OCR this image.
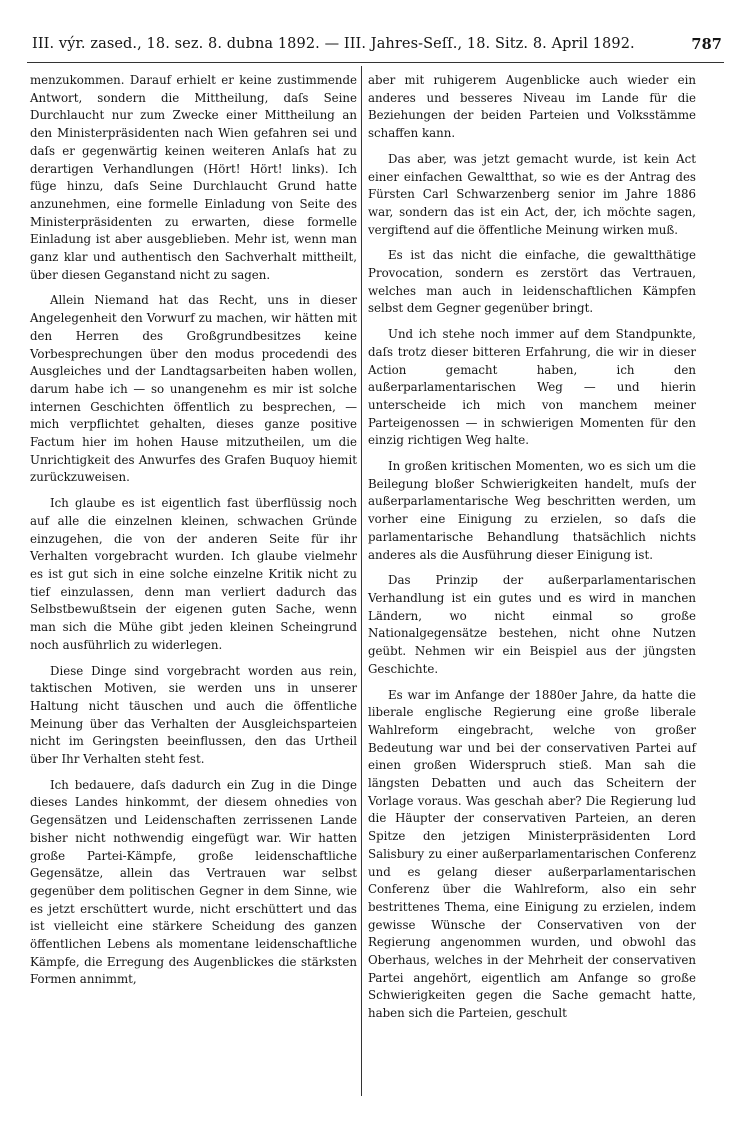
III. výr. zased., 18. sez. 8. dubna 1892. — III. Jahres-Seſſ., 18. Sitz. 8. April 1892.	787

menzukommen. Darauf erhielt er keine zustimmende Antwort, sondern die Mittheilung, daſs Seine Durchlaucht nur zum Zwecke einer Mittheilung an den Ministerpräsidenten nach Wien gefahren sei und daſs er gegenwärtig keinen weiteren Anlaſs hat zu derartigen Verhandlungen (Hört! Hört! links). Ich füge hinzu, daſs Seine Durchlaucht Grund hatte anzunehmen, eine formelle Einladung von Seite des Ministerpräsidenten zu erwarten, diese formelle Einladung ist aber ausgeblieben. Mehr ist, wenn man ganz klar und authentisch den Sachverhalt mittheilt, über diesen Geganstand nicht zu sagen.

Allein Niemand hat das Recht, uns in dieser Angelegenheit den Vorwurf zu machen, wir hätten mit den Herren des Großgrundbesitzes keine Vorbesprechungen über den modus procedendi des Ausgleiches und der Landtagsarbeiten haben wollen, darum habe ich — so unangenehm es mir ist solche internen Geschichten öffentlich zu besprechen, — mich verpflichtet gehalten, dieses ganze positive Factum hier im hohen Hause mitzutheilen, um die Unrichtigkeit des Anwurfes des Grafen Buquoy hiemit zurückzuweisen.

Ich glaube es ist eigentlich fast überflüssig noch auf alle die einzelnen kleinen, schwachen Gründe einzugehen, die von der anderen Seite für ihr Verhalten vorgebracht wurden. Ich glaube vielmehr es ist gut sich in eine solche einzelne Kritik nicht zu tief einzulassen, denn man verliert dadurch das Selbstbewußtsein der eigenen guten Sache, wenn man sich die Mühe gibt jeden kleinen Scheingrund noch ausführlich zu widerlegen.

Diese Dinge sind vorgebracht worden aus rein, taktischen Motiven, sie werden uns in unserer Haltung nicht täuschen und auch die öffentliche Meinung über das Verhalten der Ausgleichsparteien nicht im Geringsten beeinflussen, den das Urtheil über Ihr Verhalten steht fest.

Ich bedauere, daſs dadurch ein Zug in die Dinge dieses Landes hinkommt, der diesem ohnedies von Gegensätzen und Leidenschaften zerrissenen Lande bisher nicht nothwendig eingefügt war. Wir hatten große Partei-Kämpfe, große leidenschaftliche Gegensätze, allein das Vertrauen war selbst gegenüber dem politischen Gegner in dem Sinne, wie es jetzt erschüttert wurde, nicht erschüttert und das ist vielleicht eine stärkere Scheidung des ganzen öffentlichen Lebens als momentane leidenschaftliche Kämpfe, die Erregung des Augenblickes die stärksten Formen annimmt,

aber mit ruhigerem Augenblicke auch wieder ein anderes und besseres Niveau im Lande für die Beziehungen der beiden Parteien und Volksstämme schaffen kann.

Das aber, was jetzt gemacht wurde, ist kein Act einer einfachen Gewaltthat, so wie es der Antrag des Fürsten Carl Schwarzenberg senior im Jahre 1886 war, sondern das ist ein Act, der, ich möchte sagen, vergiftend auf die öffentliche Meinung wirken muß.

Es ist das nicht die einfache, die gewaltthätige Provocation, sondern es zerstört das Vertrauen, welches man auch in leidenschaftlichen Kämpfen selbst dem Gegner gegenüber bringt.

Und ich stehe noch immer auf dem Standpunkte, daſs trotz dieser bitteren Erfahrung, die wir in dieser Action gemacht haben, ich den außerparlamentarischen Weg — und hierin unterscheide ich mich von manchem meiner Parteigenossen — in schwierigen Momenten für den einzig richtigen Weg halte.

In großen kritischen Momenten, wo es sich um die Beilegung bloßer Schwierigkeiten handelt, muſs der außerparlamentarische Weg beschritten werden, um vorher eine Einigung zu erzielen, so daſs die parlamentarische Behandlung thatsächlich nichts anderes als die Ausführung dieser Einigung ist.

Das Prinzip der außerparlamentarischen Verhandlung ist ein gutes und es wird in manchen Ländern, wo nicht einmal so große Nationalgegensätze bestehen, nicht ohne Nutzen geübt. Nehmen wir ein Beispiel aus der jüngsten Geschichte.

Es war im Anfange der 1880er Jahre, da hatte die liberale englische Regierung eine große liberale Wahlreform eingebracht, welche von großer Bedeutung war und bei der conservativen Partei auf einen großen Widerspruch stieß. Man sah die längsten Debatten und auch das Scheitern der Vorlage voraus. Was geschah aber? Die Regierung lud die Häupter der conservativen Parteien, an deren Spitze den jetzigen Ministerpräsidenten Lord Salisbury zu einer außerparlamentarischen Conferenz und es gelang dieser außerparlamentarischen Conferenz über die Wahlreform, also ein sehr bestrittenes Thema, eine Einigung zu erzielen, indem gewisse Wünsche der Conservativen von der Regierung angenommen wurden, und obwohl das Oberhaus, welches in der Mehrheit der conservativen Partei angehört, eigentlich am Anfange so große Schwierigkeiten gegen die Sache gemacht hatte, haben sich die Parteien, geschult
